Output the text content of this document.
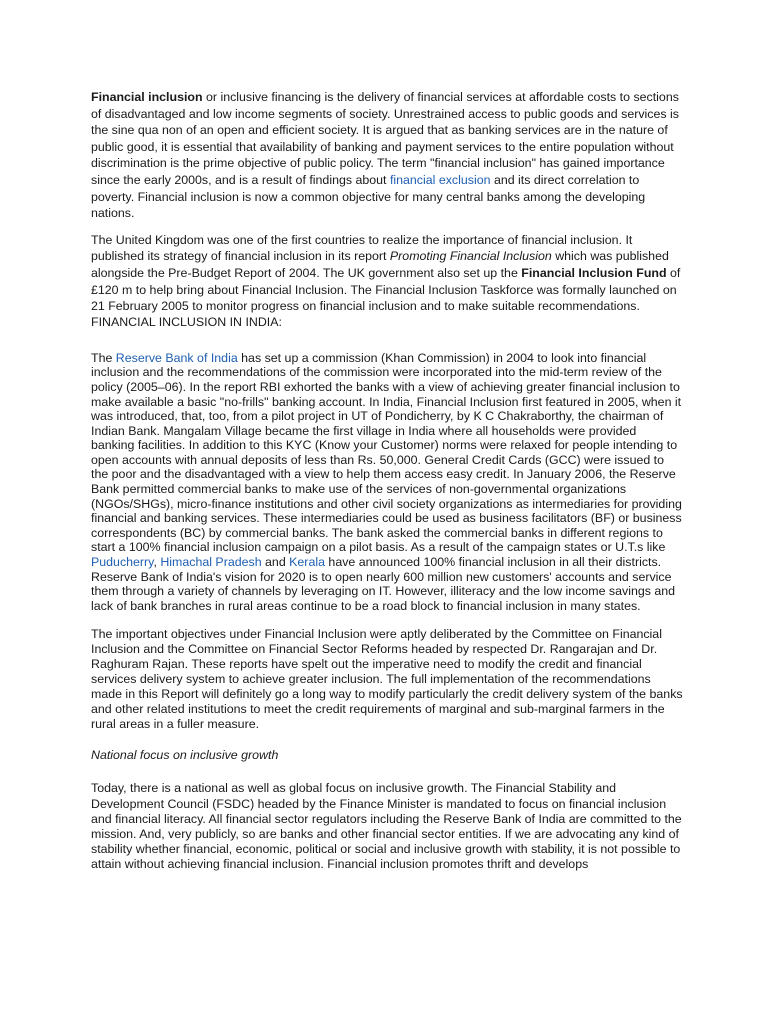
Financial inclusion or inclusive financing is the delivery of financial services at affordable costs to sections of disadvantaged and low income segments of society. Unrestrained access to public goods and services is the sine qua non of an open and efficient society. It is argued that as banking services are in the nature of public good, it is essential that availability of banking and payment services to the entire population without discrimination is the prime objective of public policy. The term "financial inclusion" has gained importance since the early 2000s, and is a result of findings about financial exclusion and its direct correlation to poverty. Financial inclusion is now a common objective for many central banks among the developing nations.

The United Kingdom was one of the first countries to realize the importance of financial inclusion. It published its strategy of financial inclusion in its report Promoting Financial Inclusion which was published alongside the Pre-Budget Report of 2004. The UK government also set up the Financial Inclusion Fund of £120 m to help bring about Financial Inclusion. The Financial Inclusion Taskforce was formally launched on 21 February 2005 to monitor progress on financial inclusion and to make suitable recommendations.

FINANCIAL INCLUSION IN INDIA:

The Reserve Bank of India has set up a commission (Khan Commission) in 2004 to look into financial inclusion and the recommendations of the commission were incorporated into the mid-term review of the policy (2005–06). In the report RBI exhorted the banks with a view of achieving greater financial inclusion to make available a basic "no-frills" banking account. In India, Financial Inclusion first featured in 2005, when it was introduced, that, too, from a pilot project in UT of Pondicherry, by K C Chakraborthy, the chairman of Indian Bank. Mangalam Village became the first village in India where all households were provided banking facilities. In addition to this KYC (Know your Customer) norms were relaxed for people intending to open accounts with annual deposits of less than Rs. 50,000. General Credit Cards (GCC) were issued to the poor and the disadvantaged with a view to help them access easy credit. In January 2006, the Reserve Bank permitted commercial banks to make use of the services of non-governmental organizations (NGOs/SHGs), micro-finance institutions and other civil society organizations as intermediaries for providing financial and banking services. These intermediaries could be used as business facilitators (BF) or business correspondents (BC) by commercial banks. The bank asked the commercial banks in different regions to start a 100% financial inclusion campaign on a pilot basis. As a result of the campaign states or U.T.s like Puducherry, Himachal Pradesh and Kerala have announced 100% financial inclusion in all their districts. Reserve Bank of India's vision for 2020 is to open nearly 600 million new customers' accounts and service them through a variety of channels by leveraging on IT. However, illiteracy and the low income savings and lack of bank branches in rural areas continue to be a road block to financial inclusion in many states.

The important objectives under Financial Inclusion were aptly deliberated by the Committee on Financial Inclusion and the Committee on Financial Sector Reforms headed by respected Dr. Rangarajan and Dr. Raghuram Rajan. These reports have spelt out the imperative need to modify the credit and financial services delivery system to achieve greater inclusion. The full implementation of the recommendations made in this Report will definitely go a long way to modify particularly the credit delivery system of the banks and other related institutions to meet the credit requirements of marginal and sub-marginal farmers in the rural areas in a fuller measure.

National focus on inclusive growth

Today, there is a national as well as global focus on inclusive growth. The Financial Stability and Development Council (FSDC) headed by the Finance Minister is mandated to focus on financial inclusion and financial literacy. All financial sector regulators including the Reserve Bank of India are committed to the mission. And, very publicly, so are banks and other financial sector entities. If we are advocating any kind of stability whether financial, economic, political or social and inclusive growth with stability, it is not possible to attain without achieving financial inclusion. Financial inclusion promotes thrift and develops
